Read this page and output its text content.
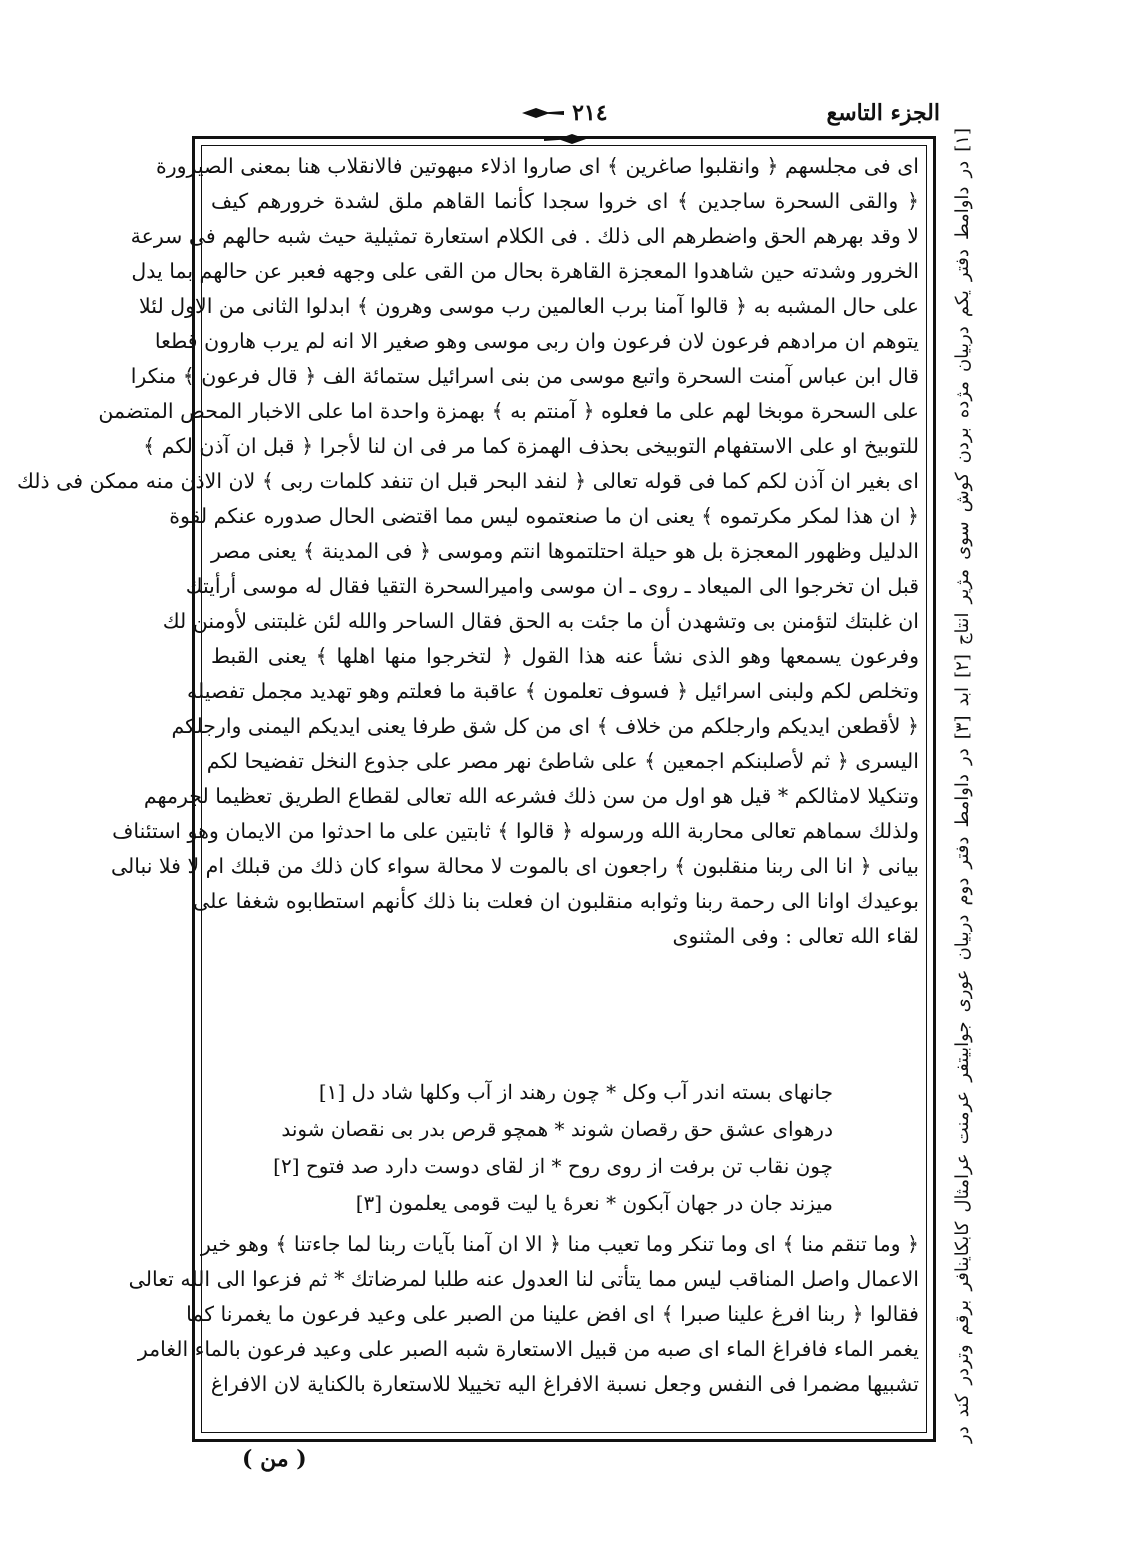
الجزء التاسع
٢١٤
اى فى مجلسهم ﴿ وانقلبوا صاغرين ﴾ اى صاروا اذلاء مبهوتين فالانقلاب هنا بمعنى الصيرورة
﴿ والقى السحرة ساجدين ﴾ اى خروا سجدا كأنما القاهم ملق لشدة خرورهم كيف
لا وقد بهرهم الحق واضطرهم الى ذلك . فى الكلام استعارة تمثيلية حيث شبه حالهم فى سرعة
الخرور وشدته حين شاهدوا المعجزة القاهرة بحال من القى على وجهه فعبر عن حالهم بما يدل
على حال المشبه به ﴿ قالوا آمنا برب العالمين رب موسى وهرون ﴾ ابدلوا الثانى من الاول لئلا
يتوهم ان مرادهم فرعون لان فرعون وان ربى موسى وهو صغير الا انه لم يرب هارون قطعا
قال ابن عباس آمنت السحرة واتبع موسى من بنى اسرائيل ستمائة الف ﴿ قال فرعون ﴾ منكرا
على السحرة موبخا لهم على ما فعلوه ﴿ آمنتم به ﴾ بهمزة واحدة اما على الاخبار المحض المتضمن
للتوبيخ او على الاستفهام التوبيخى بحذف الهمزة كما مر فى ان لنا لأجرا ﴿ قبل ان آذن لكم ﴾
اى بغير ان آذن لكم كما فى قوله تعالى ﴿ لنفد البحر قبل ان تنفد كلمات ربى ﴾ لان الاذن منه ممكن فى ذلك
﴿ ان هذا لمكر مكرتموه ﴾ يعنى ان ما صنعتموه ليس مما اقتضى الحال صدوره عنكم لقوة
الدليل وظهور المعجزة بل هو حيلة احتلتموها انتم وموسى ﴿ فى المدينة ﴾ يعنى مصر
قبل ان تخرجوا الى الميعاد ـ روى ـ ان موسى واميرالسحرة التقيا فقال له موسى أرأيتك
ان غلبتك لتؤمنن بى وتشهدن أن ما جئت به الحق فقال الساحر والله لئن غلبتنى لأومنن لك
وفرعون يسمعها وهو الذى نشأ عنه هذا القول ﴿ لتخرجوا منها اهلها ﴾ يعنى القبط
وتخلص لكم ولبنى اسرائيل ﴿ فسوف تعلمون ﴾ عاقبة ما فعلتم وهو تهديد مجمل تفصيله
﴿ لأقطعن ايديكم وارجلكم من خلاف ﴾ اى من كل شق طرفا يعنى ايديكم اليمنى وارجلكم
اليسرى ﴿ ثم لأصلبنكم اجمعين ﴾ على شاطئ نهر مصر على جذوع النخل تفضيحا لكم
وتنكيلا لامثالكم * قيل هو اول من سن ذلك فشرعه الله تعالى لقطاع الطريق تعظيما لجرمهم
ولذلك سماهم تعالى محاربة الله ورسوله ﴿ قالوا ﴾ ثابتين على ما احدثوا من الايمان وهو استئناف
بيانى ﴿ انا الى ربنا منقلبون ﴾ راجعون اى بالموت لا محالة سواء كان ذلك من قبلك ام لا فلا نبالى
بوعيدك اوانا الى رحمة ربنا وثوابه منقلبون ان فعلت بنا ذلك كأنهم استطابوه شغفا على
لقاء الله تعالى : وفى المثنوى
جانهاى بسته اندر آب وكل * چون رهند از آب وكلها شاد دل [١]
درهواى عشق حق رقصان شوند * همچو قرص بدر بى نقصان شوند
چون نقاب تن برفت از روى روح * از لقاى دوست دارد صد فتوح [٢]
ميزند جان در جهان آبكون * نعرهٔ يا ليت قومى يعلمون [٣]
﴿ وما تنقم منا ﴾ اى وما تنكر وما تعيب منا ﴿ الا ان آمنا بآيات ربنا لما جاءتنا ﴾ وهو خير
الاعمال واصل المناقب ليس مما يتأتى لنا العدول عنه طلبا لمرضاتك * ثم فزعوا الى الله تعالى
فقالوا ﴿ ربنا افرغ علينا صبرا ﴾ اى افض علينا من الصبر على وعيد فرعون ما يغمرنا كما
يغمر الماء فافراغ الماء اى صبه من قبيل الاستعارة شبه الصبر على وعيد فرعون بالماء الغامر
تشبيها مضمرا فى النفس وجعل نسبة الافراغ اليه تخييلا للاستعارة بالكناية لان الافراغ	[١] در داوامط دفتر يكم دربيان مژده بردن كوش سوى مژير انتاج [٢] ابد [٣] در داوامط دفتر دوم دربيان عورى جوابيتفر عرمنت عرامثال كابكاينافر برقم وتردر كند در
( من )
